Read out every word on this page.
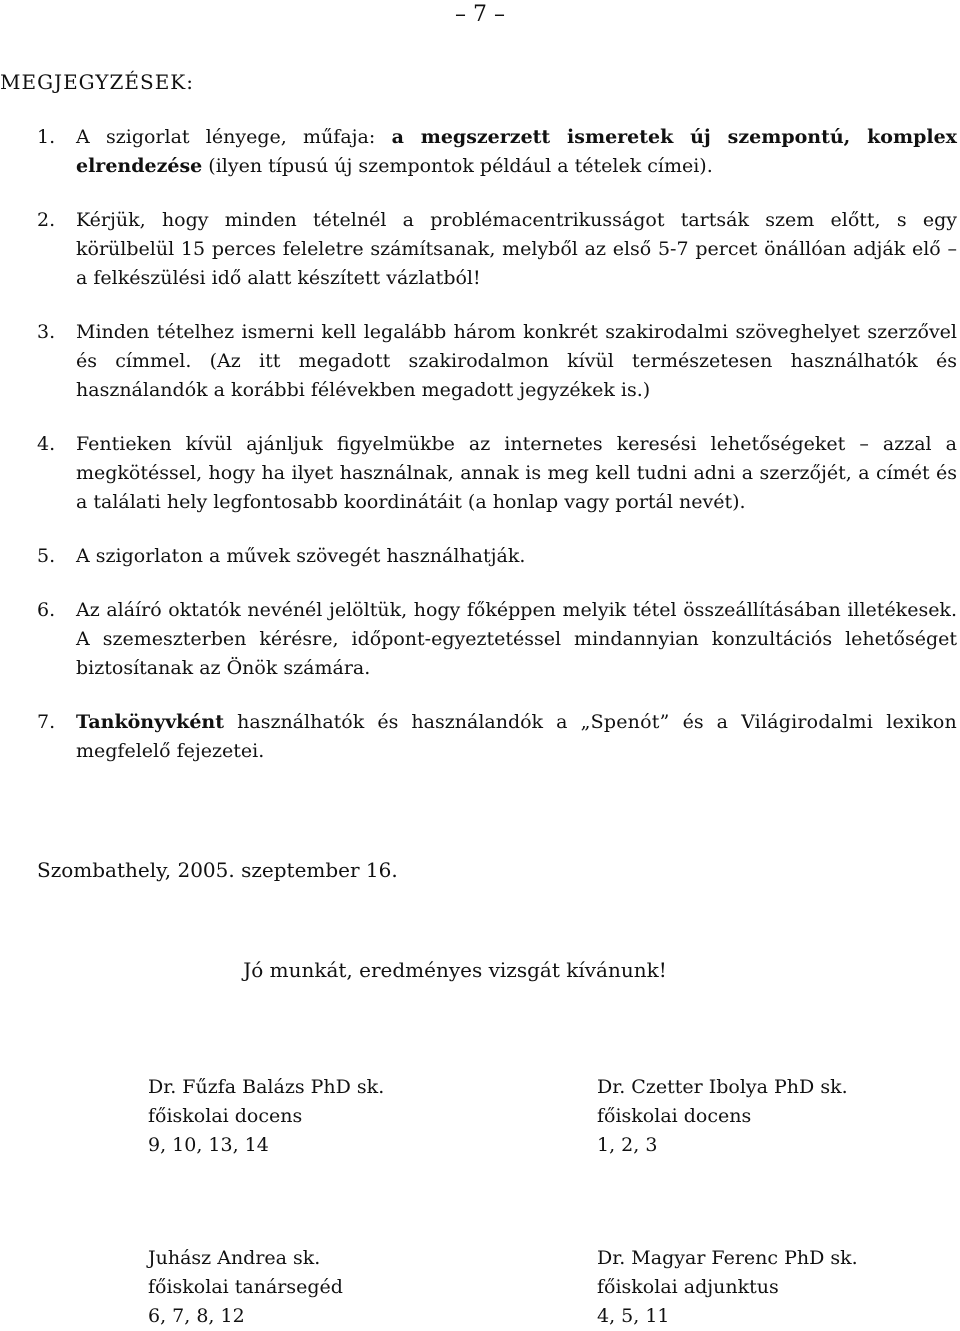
– 7 –
MEGJEGYZÉSEK:
1.	A szigorlat lényege, műfaja: a megszerzett ismeretek új szempontú, komplex elrendezése (ilyen típusú új szempontok például a tételek címei).
2.	Kérjük, hogy minden tételnél a problémacentrikusságot tartsák szem előtt, s egy körülbelül 15 perces feleletre számítsanak, melyből az első 5-7 percet önállóan adják elő – a felkészülési idő alatt készített vázlatból!
3.	Minden tételhez ismerni kell legalább három konkrét szakirodalmi szöveghelyet szerzővel és címmel. (Az itt megadott szakirodalmon kívül természetesen használhatók és használandók a korábbi félévekben megadott jegyzékek is.)
4.	Fentieken kívül ajánljuk figyelmükbe az internetes keresési lehetőségeket – azzal a megkötéssel, hogy ha ilyet használnak, annak is meg kell tudni adni a szerzőjét, a címét és a találati hely legfontosabb koordinátáit (a honlap vagy portál nevét).
5.	A szigorlaton a művek szövegét használhatják.
6.	Az aláíró oktatók nevénél jelöltük, hogy főképpen melyik tétel összeállításában illetékesek. A szemeszterben kérésre, időpont-egyeztetéssel mindannyian konzultációs lehetőséget biztosítanak az Önök számára.
7.	Tankönyvként használhatók és használandók a „Spenót” és a Világirodalmi lexikon megfelelő fejezetei.
Szombathely, 2005. szeptember 16.
Jó munkát, eredményes vizsgát kívánunk!
Dr. Fűzfa Balázs PhD sk.
főiskolai docens
9, 10, 13, 14
Dr. Czetter Ibolya PhD sk.
főiskolai docens
1, 2, 3
Juhász Andrea sk.
főiskolai tanársegéd
6, 7, 8, 12
Dr. Magyar Ferenc PhD sk.
főiskolai adjunktus
4, 5, 11
